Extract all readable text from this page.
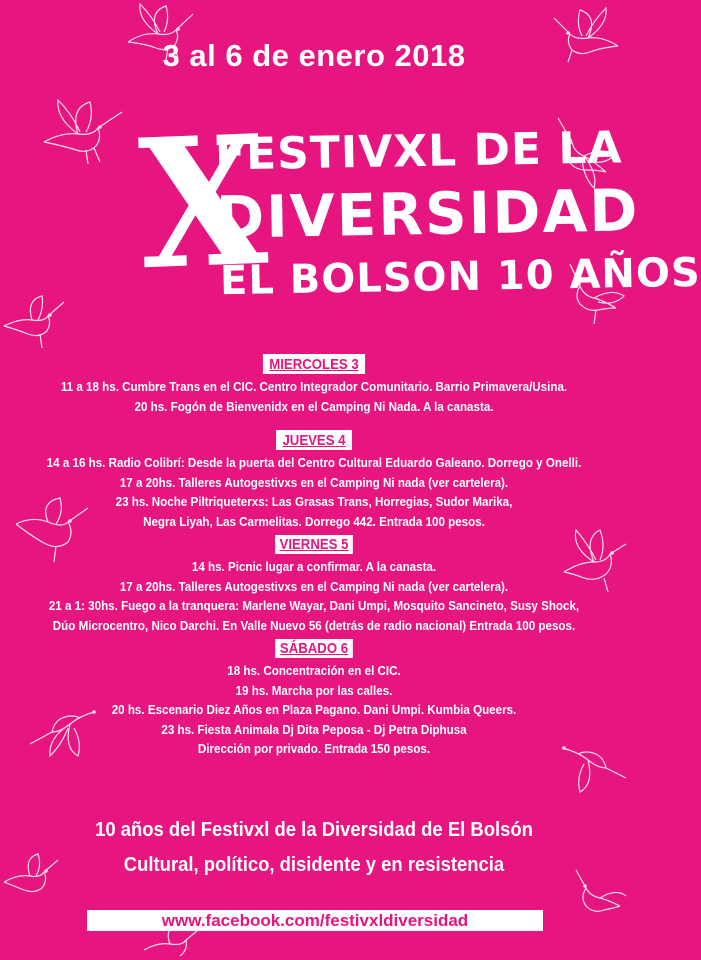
3 al 6 de enero 2018
X
FESTIVXL DE LA
DIVERSIDAD
EL BOLSON 10 AÑOS
MIERCOLES 3
11 a 18 hs. Cumbre Trans en el CIC. Centro Integrador Comunitario. Barrio Primavera/Usina.
20 hs. Fogón de Bienvenidx en el Camping Ni Nada. A la canasta.
JUEVES 4
14 a 16 hs. Radio Colibrí: Desde la puerta del Centro Cultural Eduardo Galeano. Dorrego y Onelli.
17 a 20hs. Talleres Autogestivxs en el Camping Ni nada (ver cartelera).
23 hs. Noche Piltriqueterxs: Las Grasas Trans, Horregias, Sudor Marika,
Negra Liyah, Las Carmelitas. Dorrego 442. Entrada 100 pesos.
VIERNES 5
14 hs. Picnic lugar a confirmar. A la canasta.
17 a 20hs. Talleres Autogestivxs en el Camping Ni nada (ver cartelera).
21 a 1: 30hs. Fuego a la tranquera: Marlene Wayar, Dani Umpi, Mosquito Sancineto, Susy Shock,
Dúo Microcentro, Nico Darchi. En Valle Nuevo 56 (detrás de radio nacional) Entrada 100 pesos.
SÁBADO 6
18 hs. Concentración en el CIC.
19 hs. Marcha por las calles.
20 hs. Escenario Diez Años en Plaza Pagano. Dani Umpi. Kumbia Queers.
23 hs. Fiesta Animala Dj Dita Peposa - Dj Petra Diphusa
Dirección por privado. Entrada 150 pesos.
10 años del Festivxl de la Diversidad de El Bolsón
Cultural, político, disidente y en resistencia
www.facebook.com/festivxldiversidad
